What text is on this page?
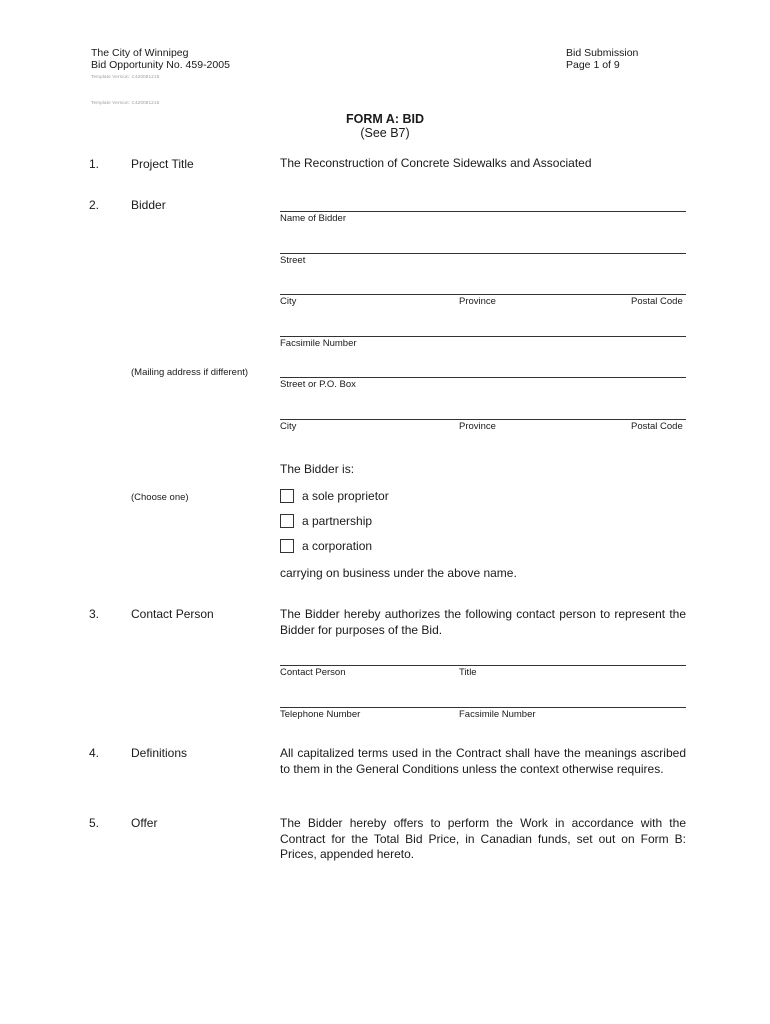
The City of Winnipeg
Bid Opportunity No. 459-2005
Bid Submission
Page 1 of 9
Template Version: C420081215
Template Version: C420081215
FORM A: BID
(See B7)
1.	Project Title	The Reconstruction of Concrete Sidewalks and Associated
2.	Bidder
Name of Bidder
Street
City	Province	Postal Code
Facsimile Number
(Mailing address if different)
Street or P.O. Box
City	Province	Postal Code
The Bidder is:
(Choose one)	a sole proprietor
a partnership
a corporation
carrying on business under the above name.
3.	Contact Person	The Bidder hereby authorizes the following contact person to represent the Bidder for purposes of the Bid.
Contact Person	Title
Telephone Number	Facsimile Number
4.	Definitions	All capitalized terms used in the Contract shall have the meanings ascribed to them in the General Conditions unless the context otherwise requires.
5.	Offer	The Bidder hereby offers to perform the Work in accordance with the Contract for the Total Bid Price, in Canadian funds, set out on Form B: Prices, appended hereto.
